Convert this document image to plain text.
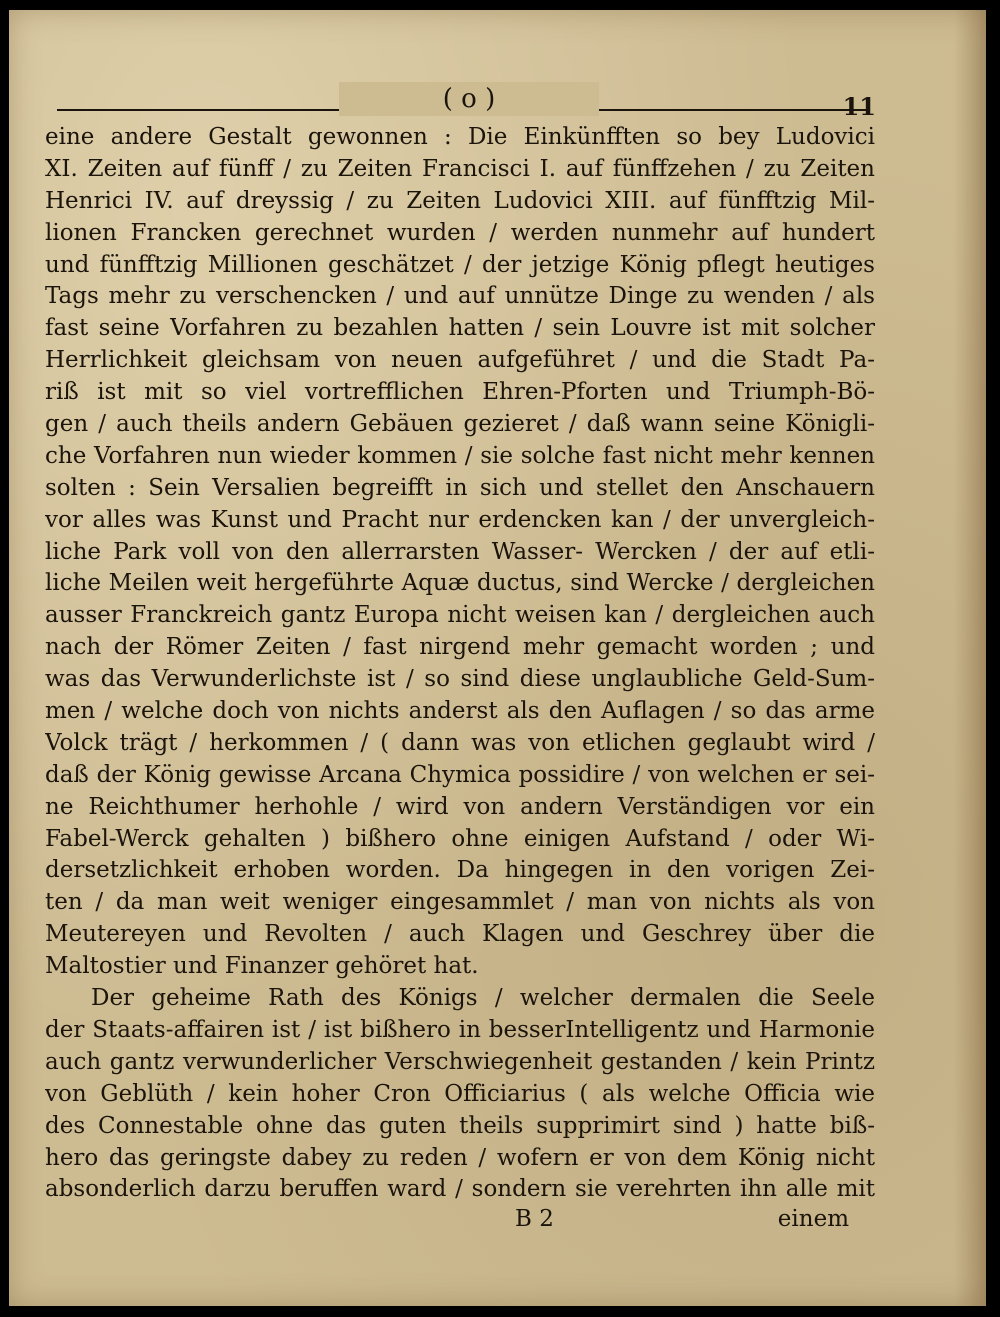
( o )	11
eine andere Gestalt gewonnen : Die Einkünfften so bey Ludovici
XI. Zeiten auf fünff / zu Zeiten Francisci I. auf fünffzehen / zu Zeiten
Henrici IV. auf dreyssig / zu Zeiten Ludovici XIII. auf fünfftzig Mil-
lionen Francken gerechnet wurden / werden nunmehr auf hundert
und fünfftzig Millionen geschätzet / der jetzige König pflegt heutiges
Tags mehr zu verschencken / und auf unnütze Dinge zu wenden / als
fast seine Vorfahren zu bezahlen hatten / sein Louvre ist mit solcher
Herrlichkeit gleichsam von neuen aufgeführet / und die Stadt Pa-
riß ist mit so viel vortrefflichen Ehren-Pforten und Triumph-Bö-
gen / auch theils andern Gebäuen gezieret / daß wann seine Königli-
che Vorfahren nun wieder kommen / sie solche fast nicht mehr kennen
solten : Sein Versalien begreifft in sich und stellet den Anschauern
vor alles was Kunst und Pracht nur erdencken kan / der unvergleich-
liche Park voll von den allerrarsten Wasser- Wercken / der auf etli-
liche Meilen weit hergeführte Aquæ ductus, sind Wercke / dergleichen
ausser Franckreich gantz Europa nicht weisen kan / dergleichen auch
nach der Römer Zeiten / fast nirgend mehr gemacht worden ; und
was das Verwunderlichste ist / so sind diese unglaubliche Geld-Sum-
men / welche doch von nichts anderst als den Auflagen / so das arme
Volck trägt / herkommen / ( dann was von etlichen geglaubt wird /
daß der König gewisse Arcana Chymica possidire / von welchen er sei-
ne Reichthumer herhohle / wird von andern Verständigen vor ein
Fabel-Werck gehalten ) bißhero ohne einigen Aufstand / oder Wi-
dersetzlichkeit erhoben worden. Da hingegen in den vorigen Zei-
ten / da man weit weniger eingesammlet / man von nichts als von
Meutereyen und Revolten / auch Klagen und Geschrey über die
Maltostier und Finanzer gehöret hat.
Der geheime Rath des Königs / welcher dermalen die Seele
der Staats-affairen ist / ist bißhero in besserIntelligentz und Harmonie
auch gantz verwunderlicher Verschwiegenheit gestanden / kein Printz
von Geblüth / kein hoher Cron Officiarius ( als welche Officia wie
des Connestable ohne das guten theils supprimirt sind ) hatte biß-
hero das geringste dabey zu reden / wofern er von dem König nicht
absonderlich darzu beruffen ward / sondern sie verehrten ihn alle mit
B 2	einem
